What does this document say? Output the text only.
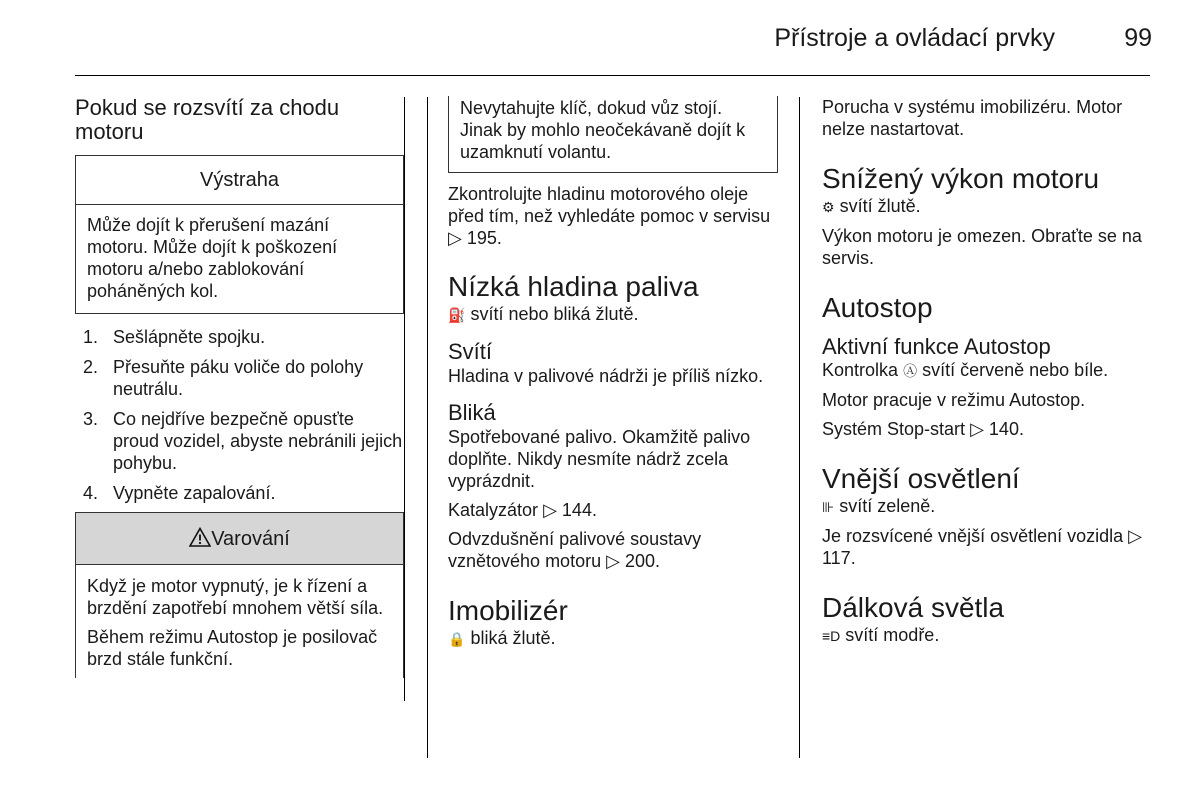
Přístroje a ovládací prvky	99
Pokud se rozsvítí za chodu motoru
Výstraha

Může dojít k přerušení mazání motoru. Může dojít k poškození motoru a/nebo zablokování poháněných kol.

1. Sešlápněte spojku.
2. Přesuňte páku voliče do polohy neutrálu.
3. Co nejdříve bezpečně opusťte proud vozidel, abyste nebránili jejich pohybu.
4. Vypněte zapalování.
Varování

Když je motor vypnutý, je k řízení a brzdění zapotřebí mnohem větší síla.

Během režimu Autostop je posilovač brzd stále funkční.

Nevytahujte klíč, dokud vůz stojí. Jinak by mohlo neočekávaně dojít k uzamknutí volantu.

Zkontrolujte hladinu motorového oleje před tím, než vyhledáte pomoc v servisu ▷ 195.

Nízká hladina paliva

⛽ svítí nebo bliká žlutě.

Svítí

Hladina v palivové nádrži je příliš nízko.

Bliká

Spotřebované palivo. Okamžitě palivo doplňte. Nikdy nesmíte nádrž zcela vyprázdnit.

Katalyzátor ▷ 144.

Odvzdušnění palivové soustavy vznětového motoru ▷ 200.

Imobilizér

🔒 bliká žlutě.

Porucha v systému imobilizéru. Motor nelze nastartovat.

Snížený výkon motoru

⚙ svítí žlutě.

Výkon motoru je omezen. Obraťte se na servis.

Autostop
Aktivní funkce Autostop

Kontrolka Ⓐ svítí červeně nebo bíle.

Motor pracuje v režimu Autostop.

Systém Stop-start ▷ 140.

Vnější osvětlení

⊪ svítí zeleně.

Je rozsvícené vnější osvětlení vozidla ▷ 117.

Dálková světla

≡D svítí modře.
